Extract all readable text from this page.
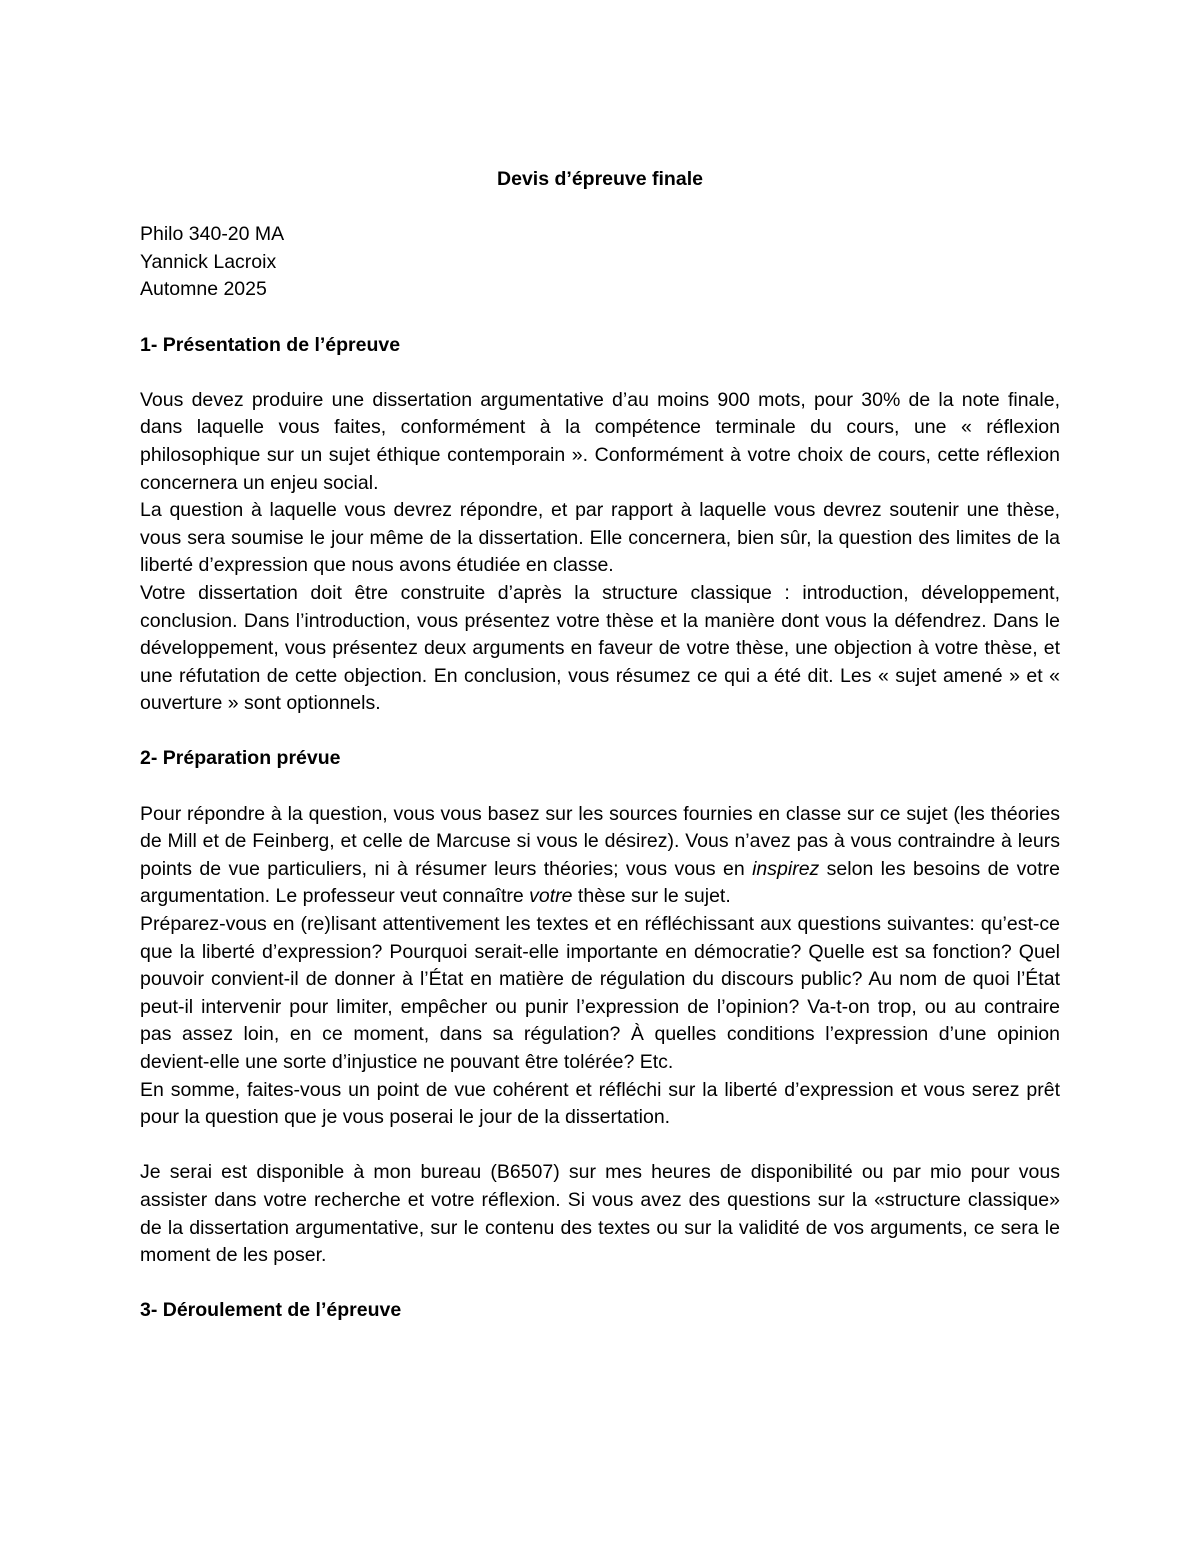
Devis d’épreuve finale
Philo 340-20 MA
Yannick Lacroix
Automne 2025
1- Présentation de l’épreuve

Vous devez produire une dissertation argumentative d’au moins 900 mots, pour 30% de la note finale, dans laquelle vous faites, conformément à la compétence terminale du cours, une « réflexion philosophique sur un sujet éthique contemporain ». Conformément à votre choix de cours, cette réflexion concernera un enjeu social.

La question à laquelle vous devrez répondre, et par rapport à laquelle vous devrez soutenir une thèse, vous sera soumise le jour même de la dissertation. Elle concernera, bien sûr, la question des limites de la liberté d’expression que nous avons étudiée en classe.

Votre dissertation doit être construite d’après la structure classique : introduction, développement, conclusion. Dans l’introduction, vous présentez votre thèse et la manière dont vous la défendrez. Dans le développement, vous présentez deux arguments en faveur de votre thèse, une objection à votre thèse, et une réfutation de cette objection. En conclusion, vous résumez ce qui a été dit. Les « sujet amené » et « ouverture » sont optionnels.

2- Préparation prévue

Pour répondre à la question, vous vous basez sur les sources fournies en classe sur ce sujet (les théories de Mill et de Feinberg, et celle de Marcuse si vous le désirez). Vous n’avez pas à vous contraindre à leurs points de vue particuliers, ni à résumer leurs théories; vous vous en inspirez selon les besoins de votre argumentation. Le professeur veut connaître votre thèse sur le sujet.

Préparez-vous en (re)lisant attentivement les textes et en réfléchissant aux questions suivantes: qu’est-ce que la liberté d’expression? Pourquoi serait-elle importante en démocratie? Quelle est sa fonction? Quel pouvoir convient-il de donner à l’État en matière de régulation du discours public? Au nom de quoi l’État peut-il intervenir pour limiter, empêcher ou punir l’expression de l’opinion? Va-t-on trop, ou au contraire pas assez loin, en ce moment, dans sa régulation? À quelles conditions l’expression d’une opinion devient-elle une sorte d’injustice ne pouvant être tolérée? Etc.

En somme, faites-vous un point de vue cohérent et réfléchi sur la liberté d’expression et vous serez prêt pour la question que je vous poserai le jour de la dissertation.

Je serai est disponible à mon bureau (B6507) sur mes heures de disponibilité ou par mio pour vous assister dans votre recherche et votre réflexion. Si vous avez des questions sur la «structure classique» de la dissertation argumentative, sur le contenu des textes ou sur la validité de vos arguments, ce sera le moment de les poser.

3- Déroulement de l’épreuve
